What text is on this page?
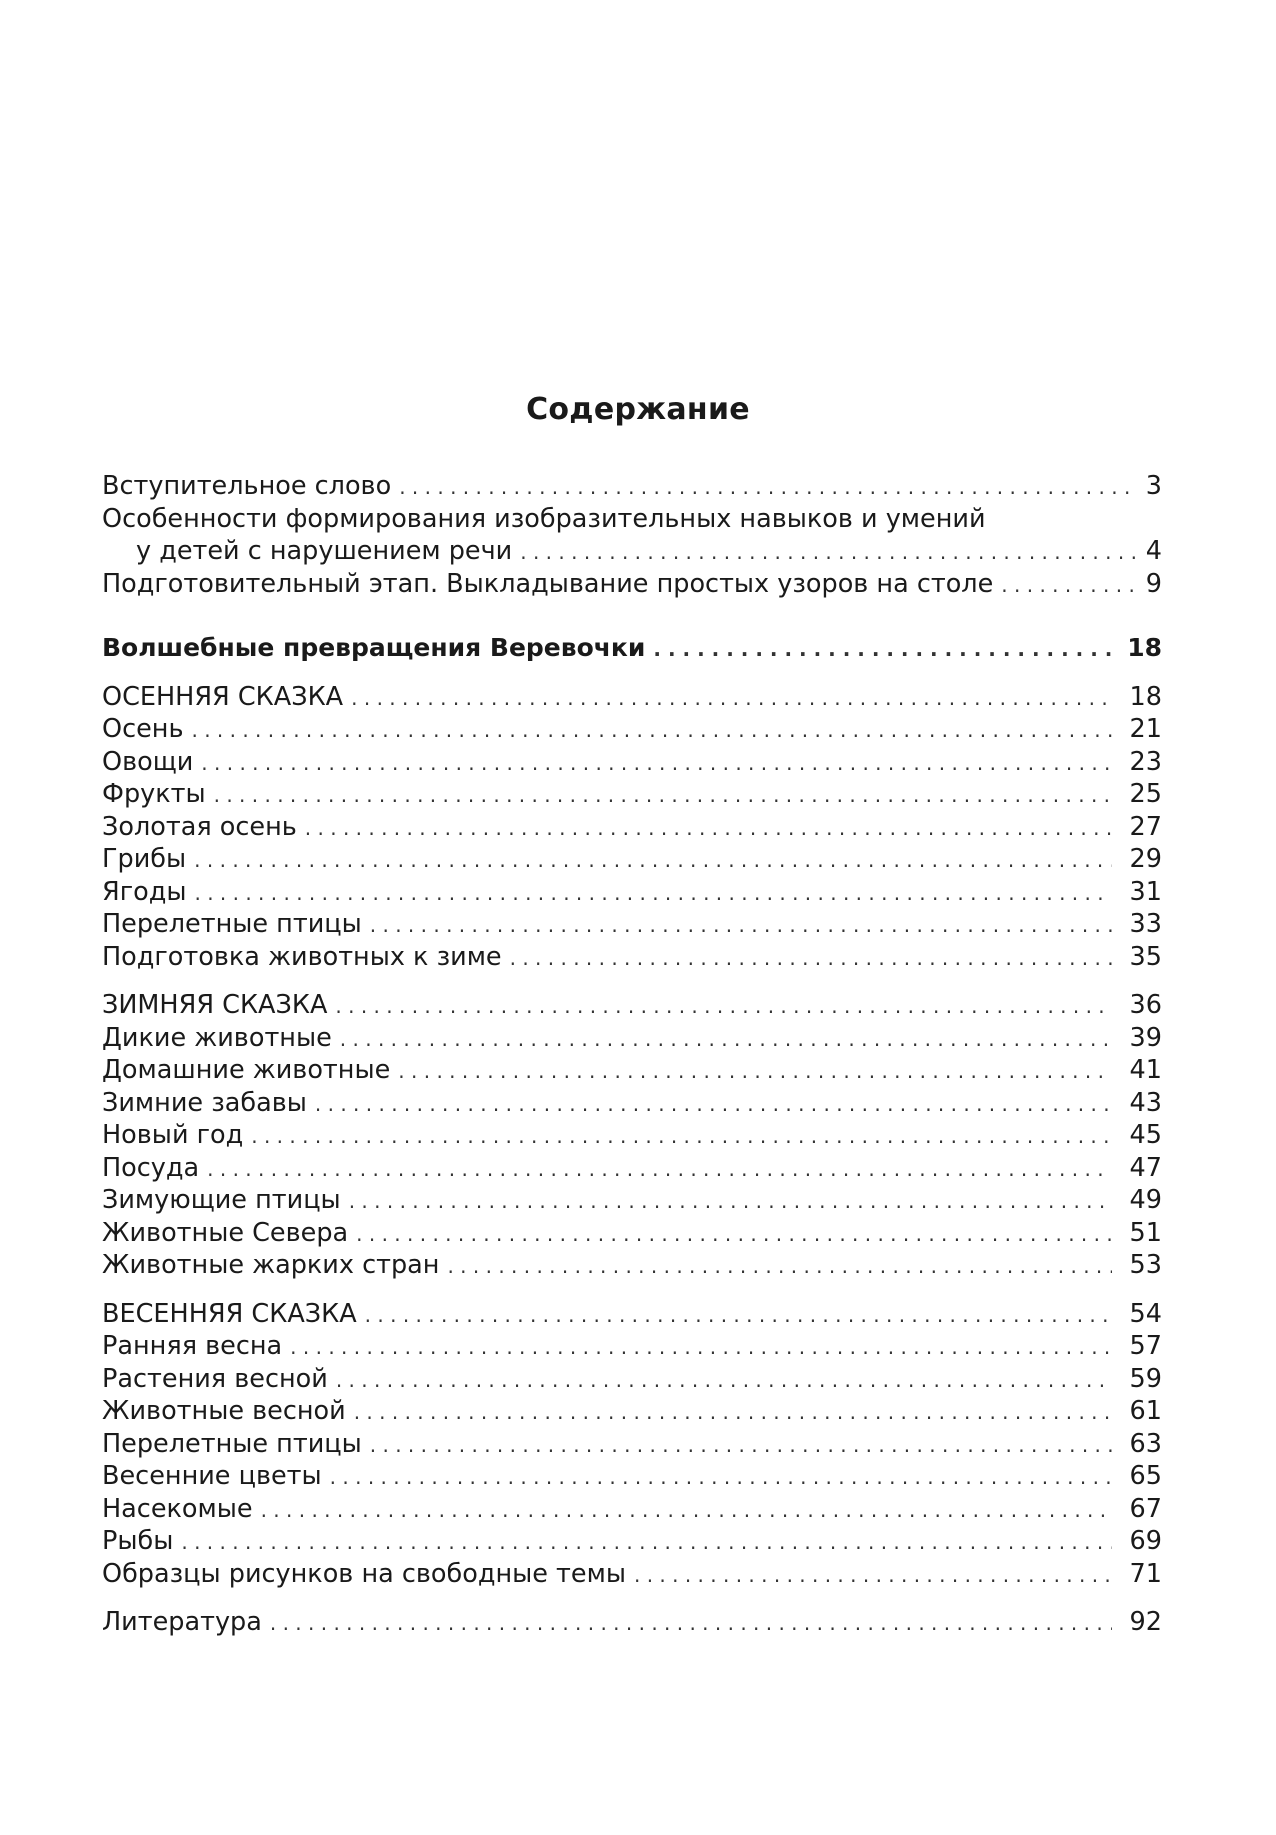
Содержание
Вступительное слово . . .	3
Особенности формирования изобразительных навыков и умений
у детей с нарушением речи . . .	4
Подготовительный этап. Выкладывание простых узоров на столе . . .	9
Волшебные превращения Веревочки . . .	18
ОСЕННЯЯ СКАЗКА . . .	18
Осень . . .	21
Овощи . . .	23
Фрукты . . .	25
Золотая осень . . .	27
Грибы . . .	29
Ягоды . . .	31
Перелетные птицы . . .	33
Подготовка животных к зиме . . .	35
ЗИМНЯЯ СКАЗКА . . .	36
Дикие животные . . .	39
Домашние животные . . .	41
Зимние забавы . . .	43
Новый год . . .	45
Посуда . . .	47
Зимующие птицы . . .	49
Животные Севера . . .	51
Животные жарких стран . . .	53
ВЕСЕННЯЯ СКАЗКА . . .	54
Ранняя весна . . .	57
Растения весной . . .	59
Животные весной . . .	61
Перелетные птицы . . .	63
Весенние цветы . . .	65
Насекомые . . .	67
Рыбы . . .	69
Образцы рисунков на свободные темы . . .	71
Литература . . .	92
